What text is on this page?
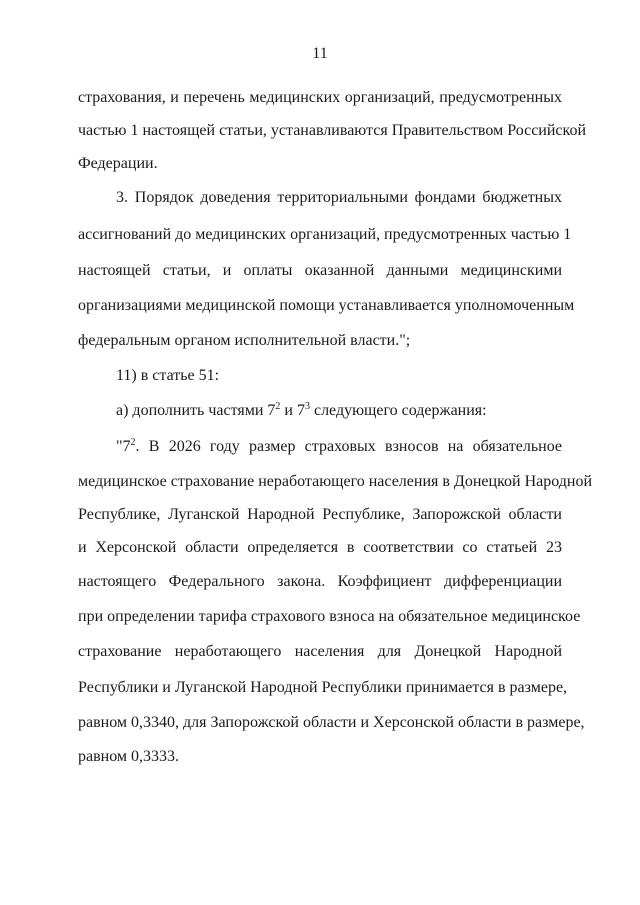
11
страхования, и перечень медицинских организаций, предусмотренных
частью 1 настоящей статьи, устанавливаются Правительством Российской
Федерации.
3. Порядок доведения территориальными фондами бюджетных
ассигнований до медицинских организаций, предусмотренных частью 1
настоящей статьи, и оплаты оказанной данными медицинскими
организациями медицинской помощи устанавливается уполномоченным
федеральным органом исполнительной власти.";
11) в статье 51:
а) дополнить частями $7^2$ и $7^3$ следующего содержания:
"$7^2$. В 2026 году размер страховых взносов на обязательное
медицинское страхование неработающего населения в Донецкой Народной
Республике, Луганской Народной Республике, Запорожской области
и Херсонской области определяется в соответствии со статьей 23
настоящего Федерального закона. Коэффициент дифференциации
при определении тарифа страхового взноса на обязательное медицинское
страхование неработающего населения для Донецкой Народной
Республики и Луганской Народной Республики принимается в размере,
равном 0,3340, для Запорожской области и Херсонской области в размере,
равном 0,3333.
